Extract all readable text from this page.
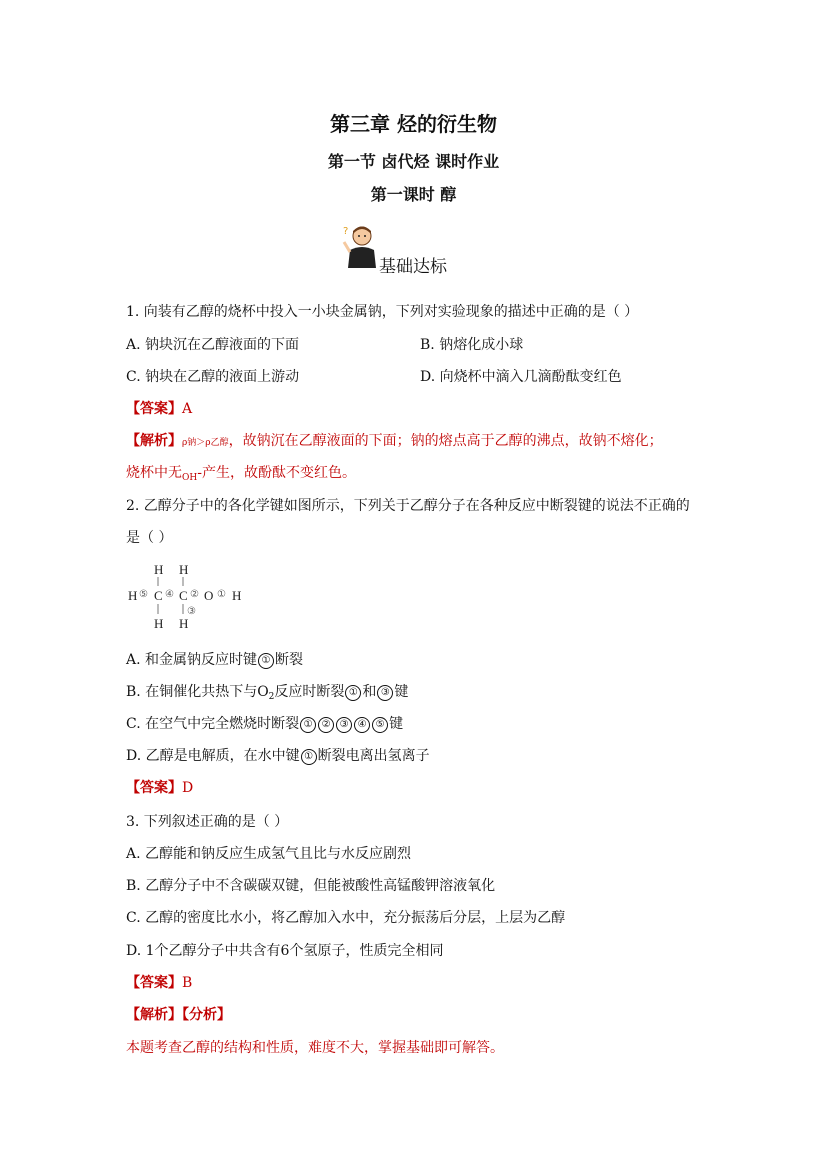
第三章 烃的衍生物
第一节 卤代烃 课时作业
第一课时 醇
?
基础达标
1. 向装有乙醇的烧杯中投入一小块金属钠，下列对实验现象的描述中正确的是（ ）
A. 钠块沉在乙醇液面的下面	B. 钠熔化成小球
C. 钠块在乙醇的液面上游动	D. 向烧杯中滴入几滴酚酞变红色
【答案】A
【解析】ρ钠＞ρ乙醇，故钠沉在乙醇液面的下面；钠的熔点高于乙醇的沸点，故钠不熔化；
烧杯中无$_{OH}$-产生，故酚酞不变红色。
2. 乙醇分子中的各化学键如图所示，下列关于乙醇分子在各种反应中断裂键的说法不正确的
是（ ）
H H
H C C O H
⑤ ④ ② ①
③
H H
A. 和金属钠反应时键 ① 断裂
B. 在铜催化共热下与$O_2$反应时断裂 ① 和 ③ 键
C. 在空气中完全燃烧时断裂 ① ② ③ ④ ⑤ 键
D. 乙醇是电解质，在水中键 ① 断裂电离出氢离子
【答案】D
3. 下列叙述正确的是（ ）
A. 乙醇能和钠反应生成氢气且比与水反应剧烈
B. 乙醇分子中不含碳碳双键，但能被酸性高锰酸钾溶液氧化
C. 乙醇的密度比水小，将乙醇加入水中，充分振荡后分层，上层为乙醇
D. 1个乙醇分子中共含有6个氢原子，性质完全相同
【答案】B
【解析】【分析】
本题考查乙醇的结构和性质，难度不大，掌握基础即可解答。
